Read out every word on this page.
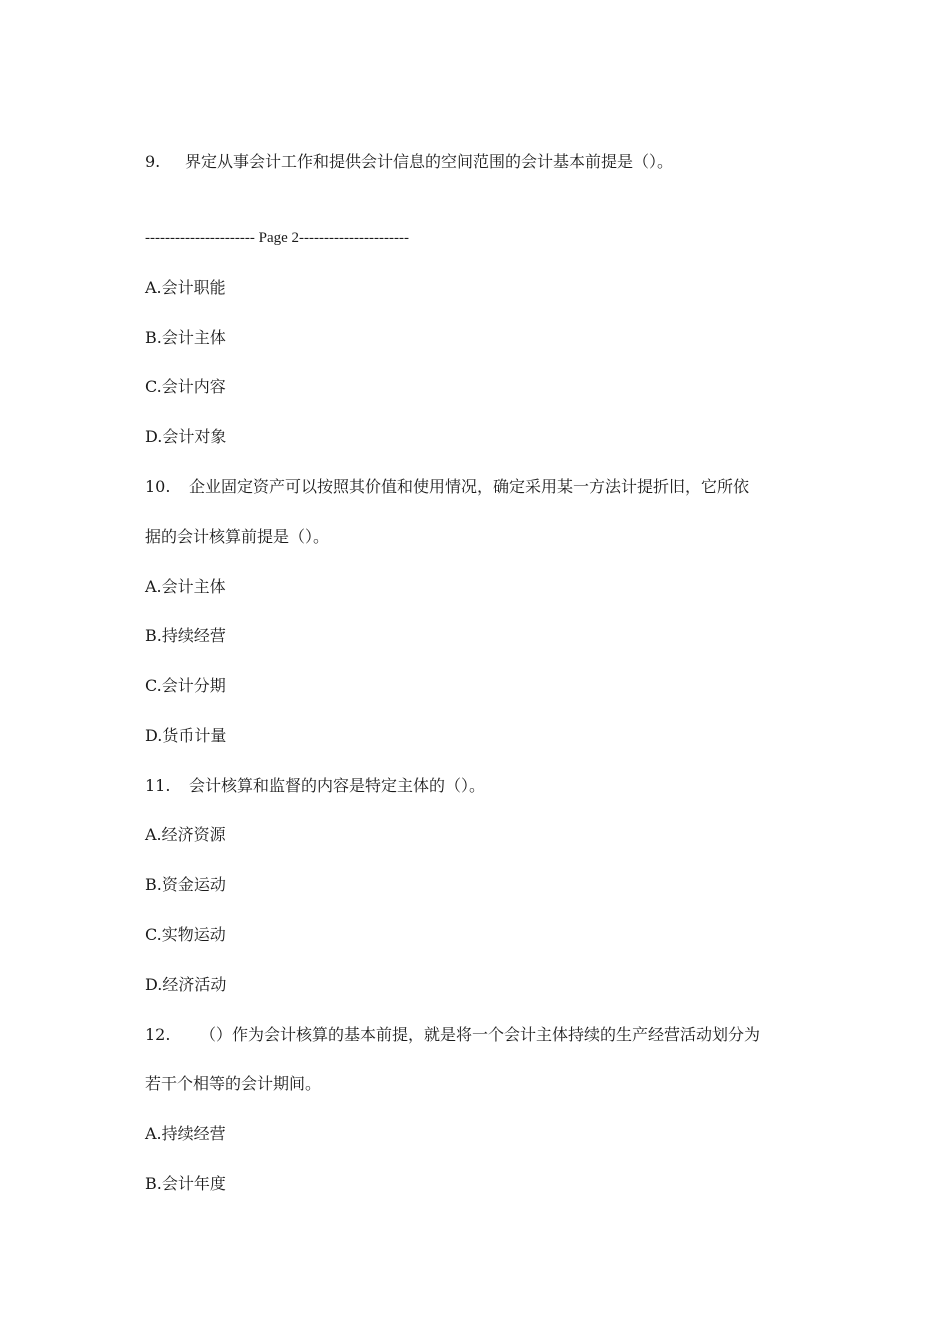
9. 界定从事会计工作和提供会计信息的空间范围的会计基本前提是（）。
---------------------- Page 2----------------------
A.会计职能
B.会计主体
C.会计内容
D.会计对象
10. 企业固定资产可以按照其价值和使用情况，确定采用某一方法计提折旧，它所依
据的会计核算前提是（）。
A.会计主体
B.持续经营
C.会计分期
D.货币计量
11. 会计核算和监督的内容是特定主体的（）。
A.经济资源
B.资金运动
C.实物运动
D.经济活动
12. （）作为会计核算的基本前提，就是将一个会计主体持续的生产经营活动划分为
若干个相等的会计期间。
A.持续经营
B.会计年度
